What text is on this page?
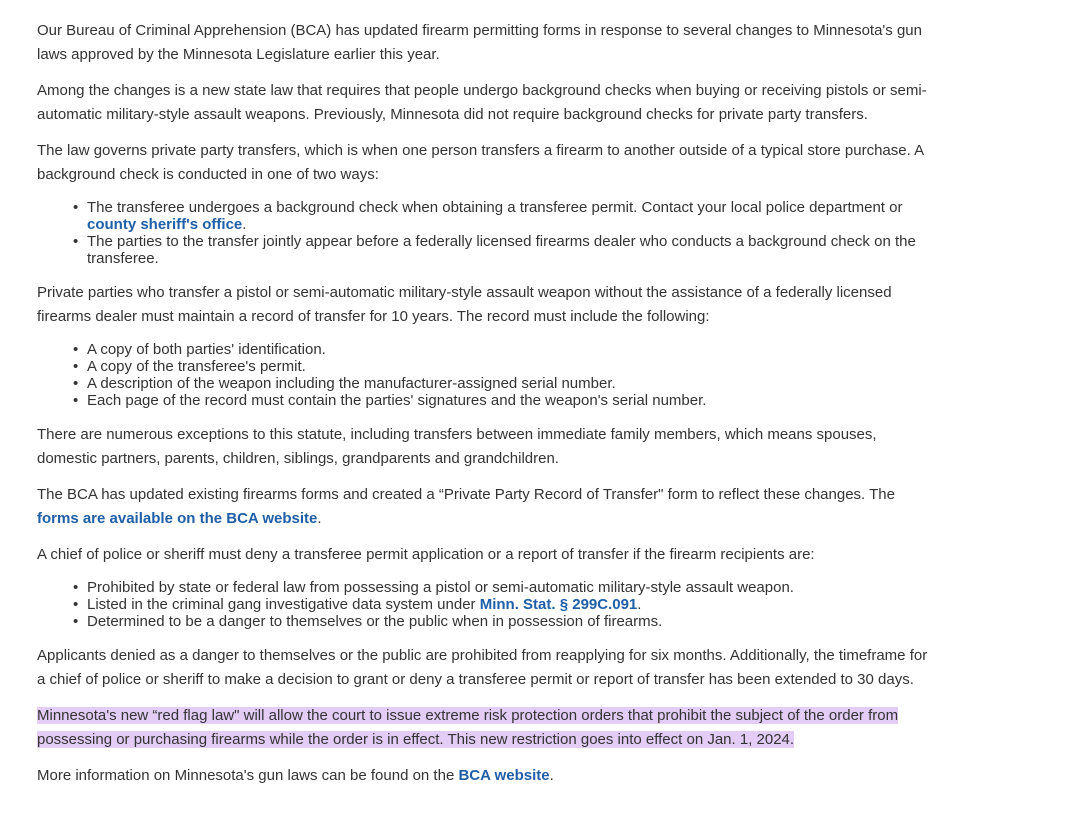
Our Bureau of Criminal Apprehension (BCA) has updated firearm permitting forms in response to several changes to Minnesota's gun laws approved by the Minnesota Legislature earlier this year.

Among the changes is a new state law that requires that people undergo background checks when buying or receiving pistols or semi-automatic military-style assault weapons. Previously, Minnesota did not require background checks for private party transfers.

The law governs private party transfers, which is when one person transfers a firearm to another outside of a typical store purchase. A background check is conducted in one of two ways:

• The transferee undergoes a background check when obtaining a transferee permit. Contact your local police department or county sheriff's office.
• The parties to the transfer jointly appear before a federally licensed firearms dealer who conducts a background check on the transferee.

Private parties who transfer a pistol or semi-automatic military-style assault weapon without the assistance of a federally licensed firearms dealer must maintain a record of transfer for 10 years. The record must include the following:

• A copy of both parties' identification.
• A copy of the transferee's permit.
• A description of the weapon including the manufacturer-assigned serial number.
• Each page of the record must contain the parties' signatures and the weapon's serial number.

There are numerous exceptions to this statute, including transfers between immediate family members, which means spouses, domestic partners, parents, children, siblings, grandparents and grandchildren.

The BCA has updated existing firearms forms and created a “Private Party Record of Transfer" form to reflect these changes. The forms are available on the BCA website.

A chief of police or sheriff must deny a transferee permit application or a report of transfer if the firearm recipients are:

• Prohibited by state or federal law from possessing a pistol or semi-automatic military-style assault weapon.
• Listed in the criminal gang investigative data system under Minn. Stat. § 299C.091.
• Determined to be a danger to themselves or the public when in possession of firearms.

Applicants denied as a danger to themselves or the public are prohibited from reapplying for six months. Additionally, the timeframe for a chief of police or sheriff to make a decision to grant or deny a transferee permit or report of transfer has been extended to 30 days.

Minnesota's new “red flag law" will allow the court to issue extreme risk protection orders that prohibit the subject of the order from possessing or purchasing firearms while the order is in effect. This new restriction goes into effect on Jan. 1, 2024.

More information on Minnesota's gun laws can be found on the BCA website.
